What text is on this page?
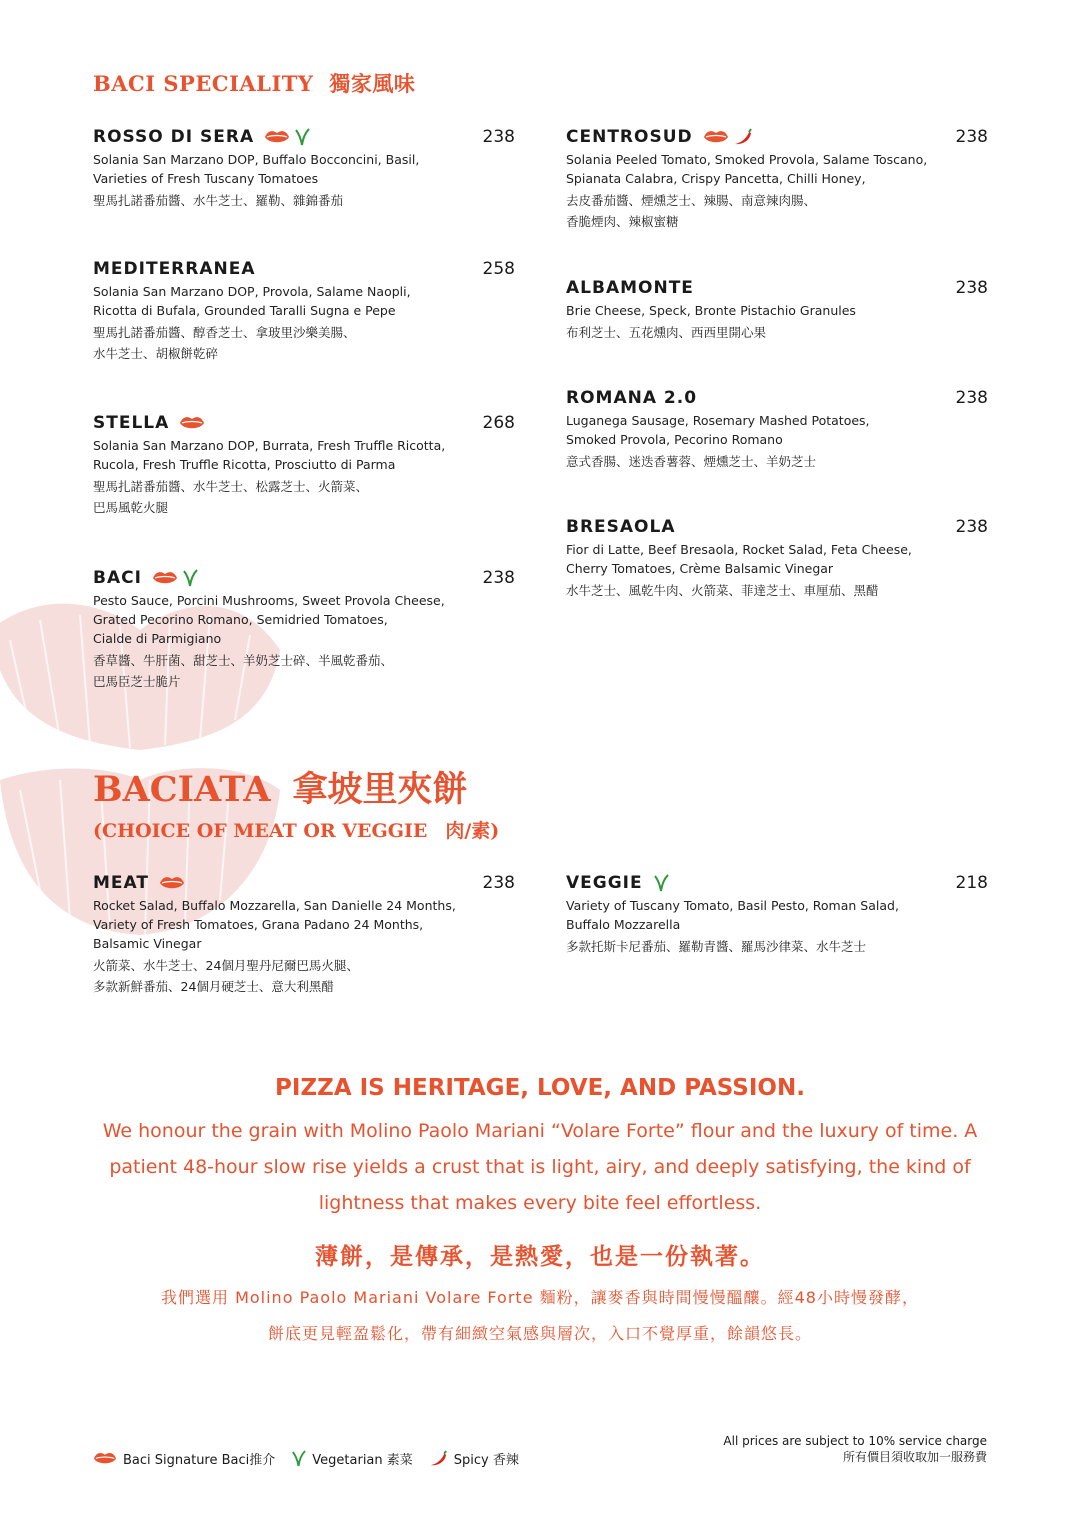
BACI SPECIALITY 獨家風味
ROSSO DI SERA	238
Solania San Marzano DOP, Buffalo Bocconcini, Basil,
Varieties of Fresh Tuscany Tomatoes
聖馬扎諾番茄醬、水牛芝士、羅勒、雜錦番茄
MEDITERRANEA	258
Solania San Marzano DOP, Provola, Salame Naopli,
Ricotta di Bufala, Grounded Taralli Sugna e Pepe
聖馬扎諾番茄醬、醇香芝士、拿玻里沙樂美腸、
水牛芝士、胡椒餅乾碎
STELLA	268
Solania San Marzano DOP, Burrata, Fresh Truffle Ricotta,
Rucola, Fresh Truffle Ricotta, Prosciutto di Parma
聖馬扎諾番茄醬、水牛芝士、松露芝士、火箭菜、
巴馬風乾火腿
BACI	238
Pesto Sauce, Porcini Mushrooms, Sweet Provola Cheese,
Grated Pecorino Romano, Semidried Tomatoes,
Cialde di Parmigiano
香草醬、牛肝菌、甜芝士、羊奶芝士碎、半風乾番茄、
巴馬臣芝士脆片
CENTROSUD	238
Solania Peeled Tomato, Smoked Provola, Salame Toscano,
Spianata Calabra, Crispy Pancetta, Chilli Honey,
去皮番茄醬、煙燻芝士、辣腸、南意辣肉腸、
香脆煙肉、辣椒蜜糖
ALBAMONTE	238
Brie Cheese, Speck, Bronte Pistachio Granules
布利芝士、五花燻肉、西西里開心果
ROMANA 2.0	238
Luganega Sausage, Rosemary Mashed Potatoes,
Smoked Provola, Pecorino Romano
意式香腸、迷迭香薯蓉、煙燻芝士、羊奶芝士
BRESAOLA	238
Fior di Latte, Beef Bresaola, Rocket Salad, Feta Cheese,
Cherry Tomatoes, Crème Balsamic Vinegar
水牛芝士、風乾牛肉、火箭菜、菲達芝士、車厘茄、黑醋
BACIATA 拿坡里夾餅
(CHOICE OF MEAT OR VEGGIE 肉/素)
MEAT	238
Rocket Salad, Buffalo Mozzarella, San Danielle 24 Months,
Variety of Fresh Tomatoes, Grana Padano 24 Months,
Balsamic Vinegar
火箭菜、水牛芝士、24個月聖丹尼爾巴馬火腿、
多款新鮮番茄、24個月硬芝士、意大利黑醋
VEGGIE	218
Variety of Tuscany Tomato, Basil Pesto, Roman Salad,
Buffalo Mozzarella
多款托斯卡尼番茄、羅勒青醬、羅馬沙律菜、水牛芝士
PIZZA IS HERITAGE, LOVE, AND PASSION.
We honour the grain with Molino Paolo Mariani “Volare Forte” flour and the luxury of time. A patient 48-hour slow rise yields a crust that is light, airy, and deeply satisfying, the kind of lightness that makes every bite feel effortless.
薄餅，是傳承，是熱愛，也是一份執著。
我們選用 Molino Paolo Mariani Volare Forte 麵粉，讓麥香與時間慢慢醞釀。經48小時慢發酵，
餅底更見輕盈鬆化，帶有細緻空氣感與層次，入口不覺厚重，餘韻悠長。
Baci Signature Baci推介	Vegetarian 素菜	Spicy 香辣
All prices are subject to 10% service charge
所有價目須收取加一服務費
